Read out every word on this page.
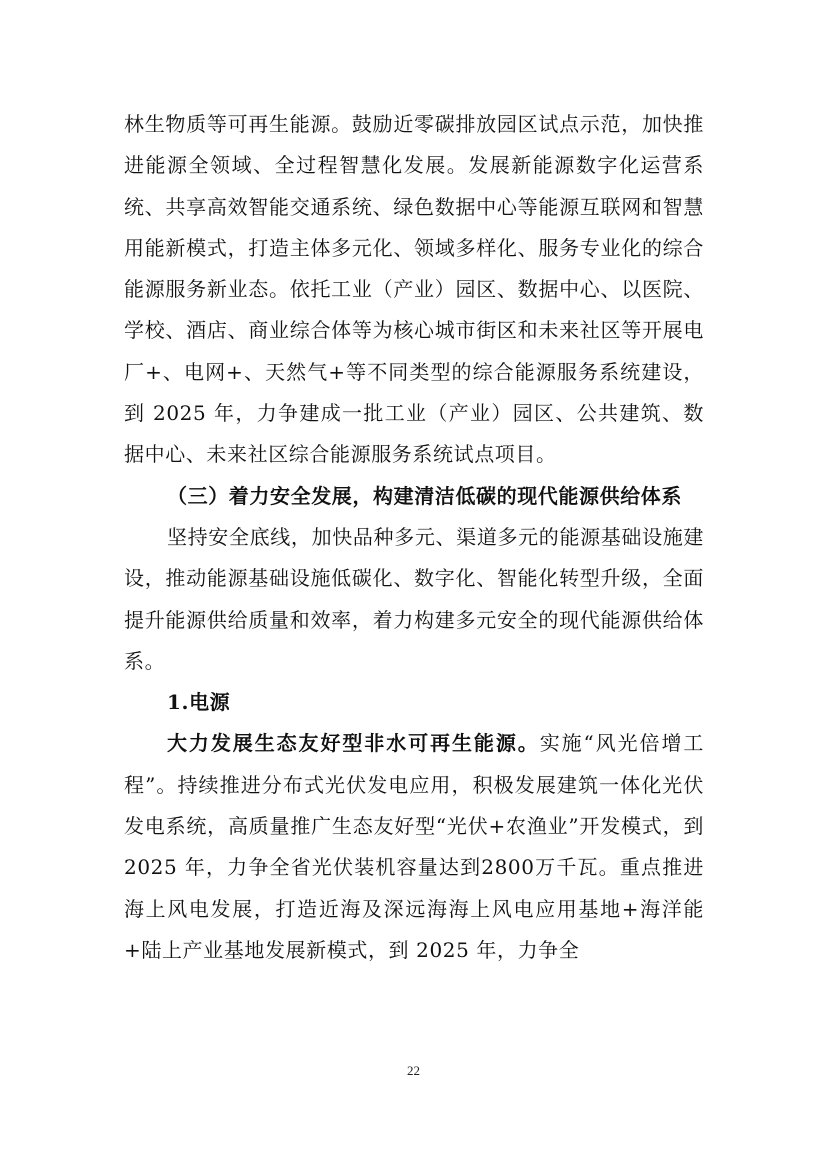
林生物质等可再生能源。鼓励近零碳排放园区试点示范，加快推进能源全领域、全过程智慧化发展。发展新能源数字化运营系统、共享高效智能交通系统、绿色数据中心等能源互联网和智慧用能新模式，打造主体多元化、领域多样化、服务专业化的综合能源服务新业态。依托工业（产业）园区、数据中心、以医院、学校、酒店、商业综合体等为核心城市街区和未来社区等开展电厂+、电网+、天然气+等不同类型的综合能源服务系统建设，到 2025 年，力争建成一批工业（产业）园区、公共建筑、数据中心、未来社区综合能源服务系统试点项目。

（三）着力安全发展，构建清洁低碳的现代能源供给体系

坚持安全底线，加快品种多元、渠道多元的能源基础设施建设，推动能源基础设施低碳化、数字化、智能化转型升级，全面提升能源供给质量和效率，着力构建多元安全的现代能源供给体系。

1.电源

大力发展生态友好型非水可再生能源。实施“风光倍增工程”。持续推进分布式光伏发电应用，积极发展建筑一体化光伏发电系统，高质量推广生态友好型“光伏+农渔业”开发模式，到2025 年，力争全省光伏装机容量达到2800万千瓦。重点推进海上风电发展，打造近海及深远海海上风电应用基地+海洋能+陆上产业基地发展新模式，到 2025 年，力争全

22
